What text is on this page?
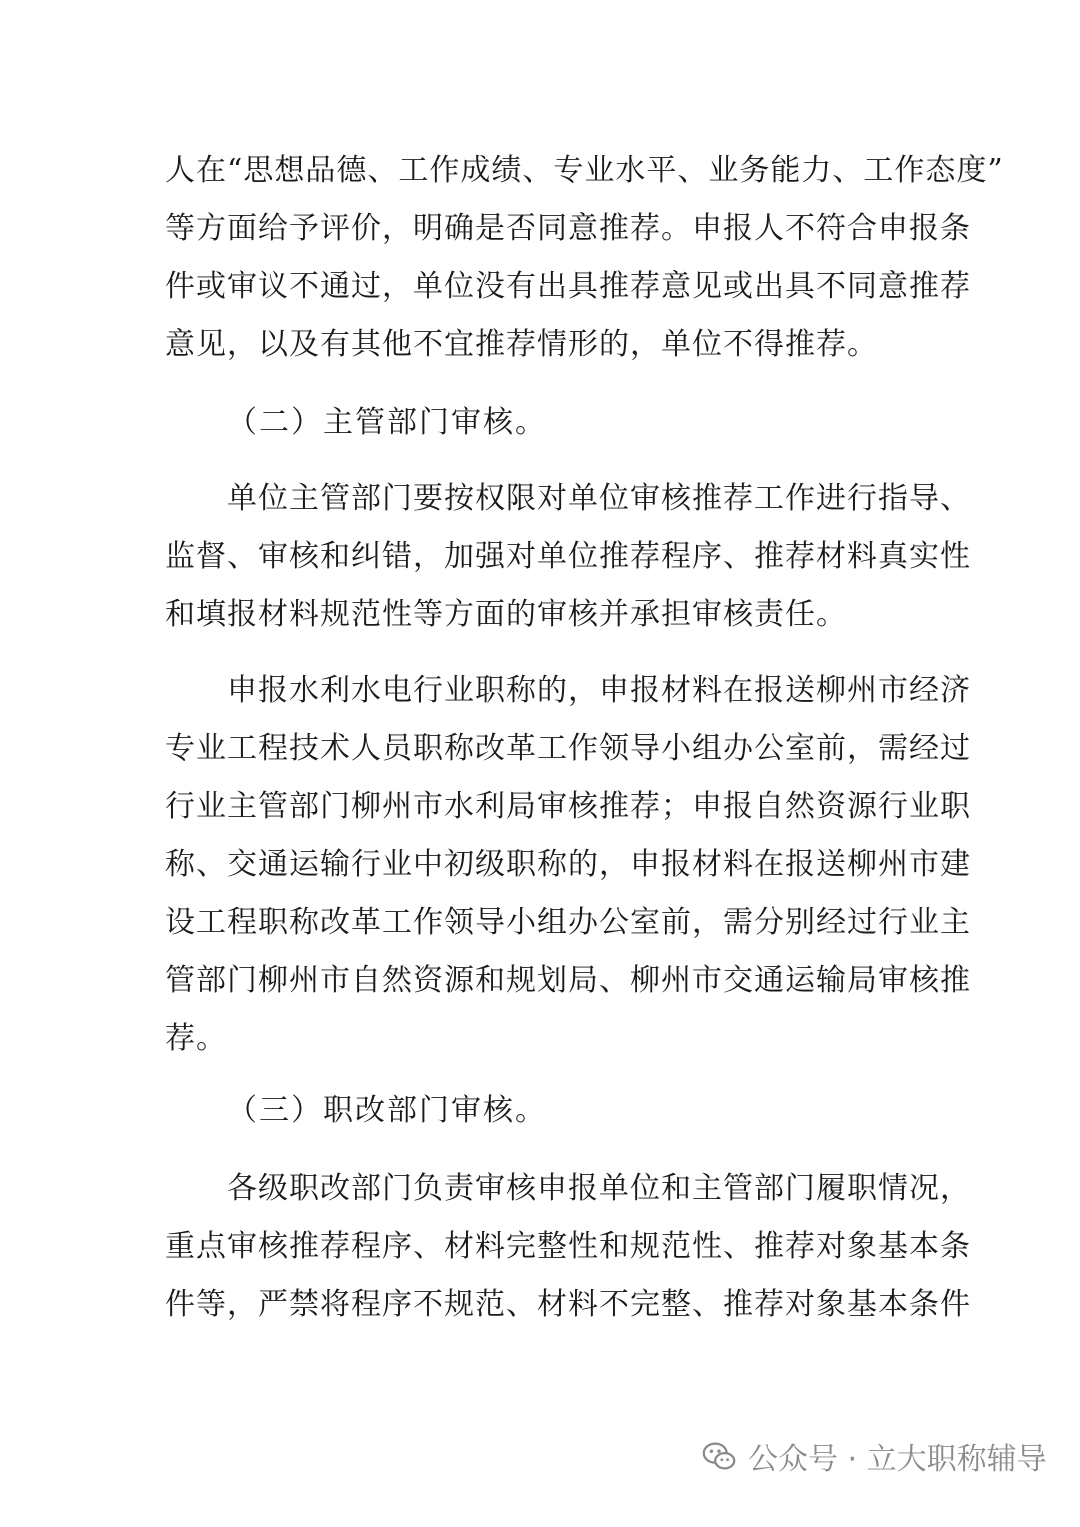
人在“思想品德、工作成绩、专业水平、业务能力、工作态度”
等方面给予评价，明确是否同意推荐。申报人不符合申报条
件或审议不通过，单位没有出具推荐意见或出具不同意推荐
意见，以及有其他不宜推荐情形的，单位不得推荐。
（二）主管部门审核。
单位主管部门要按权限对单位审核推荐工作进行指导、
监督、审核和纠错，加强对单位推荐程序、推荐材料真实性
和填报材料规范性等方面的审核并承担审核责任。
申报水利水电行业职称的，申报材料在报送柳州市经济
专业工程技术人员职称改革工作领导小组办公室前，需经过
行业主管部门柳州市水利局审核推荐；申报自然资源行业职
称、交通运输行业中初级职称的，申报材料在报送柳州市建
设工程职称改革工作领导小组办公室前，需分别经过行业主
管部门柳州市自然资源和规划局、柳州市交通运输局审核推
荐。
（三）职改部门审核。
各级职改部门负责审核申报单位和主管部门履职情况，
重点审核推荐程序、材料完整性和规范性、推荐对象基本条
件等，严禁将程序不规范、材料不完整、推荐对象基本条件
公众号 · 立大职称辅导
